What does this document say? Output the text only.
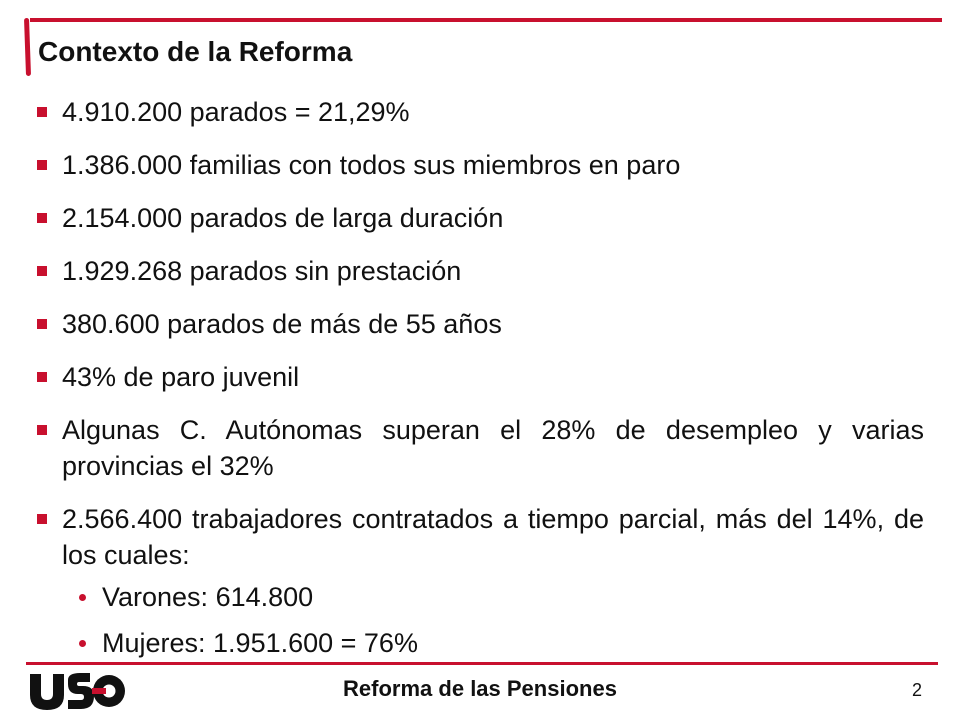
Contexto de la Reforma
4.910.200 parados = 21,29%
1.386.000 familias con todos sus miembros en paro
2.154.000 parados de larga duración
1.929.268 parados sin prestación
380.600 parados de más de 55 años
43% de paro juvenil
Algunas C. Autónomas superan el 28% de desempleo y varias provincias el 32%
2.566.400 trabajadores contratados a tiempo parcial, más del 14%, de los cuales:
Varones: 614.800
Mujeres: 1.951.600 = 76%
Reforma de las Pensiones	2
